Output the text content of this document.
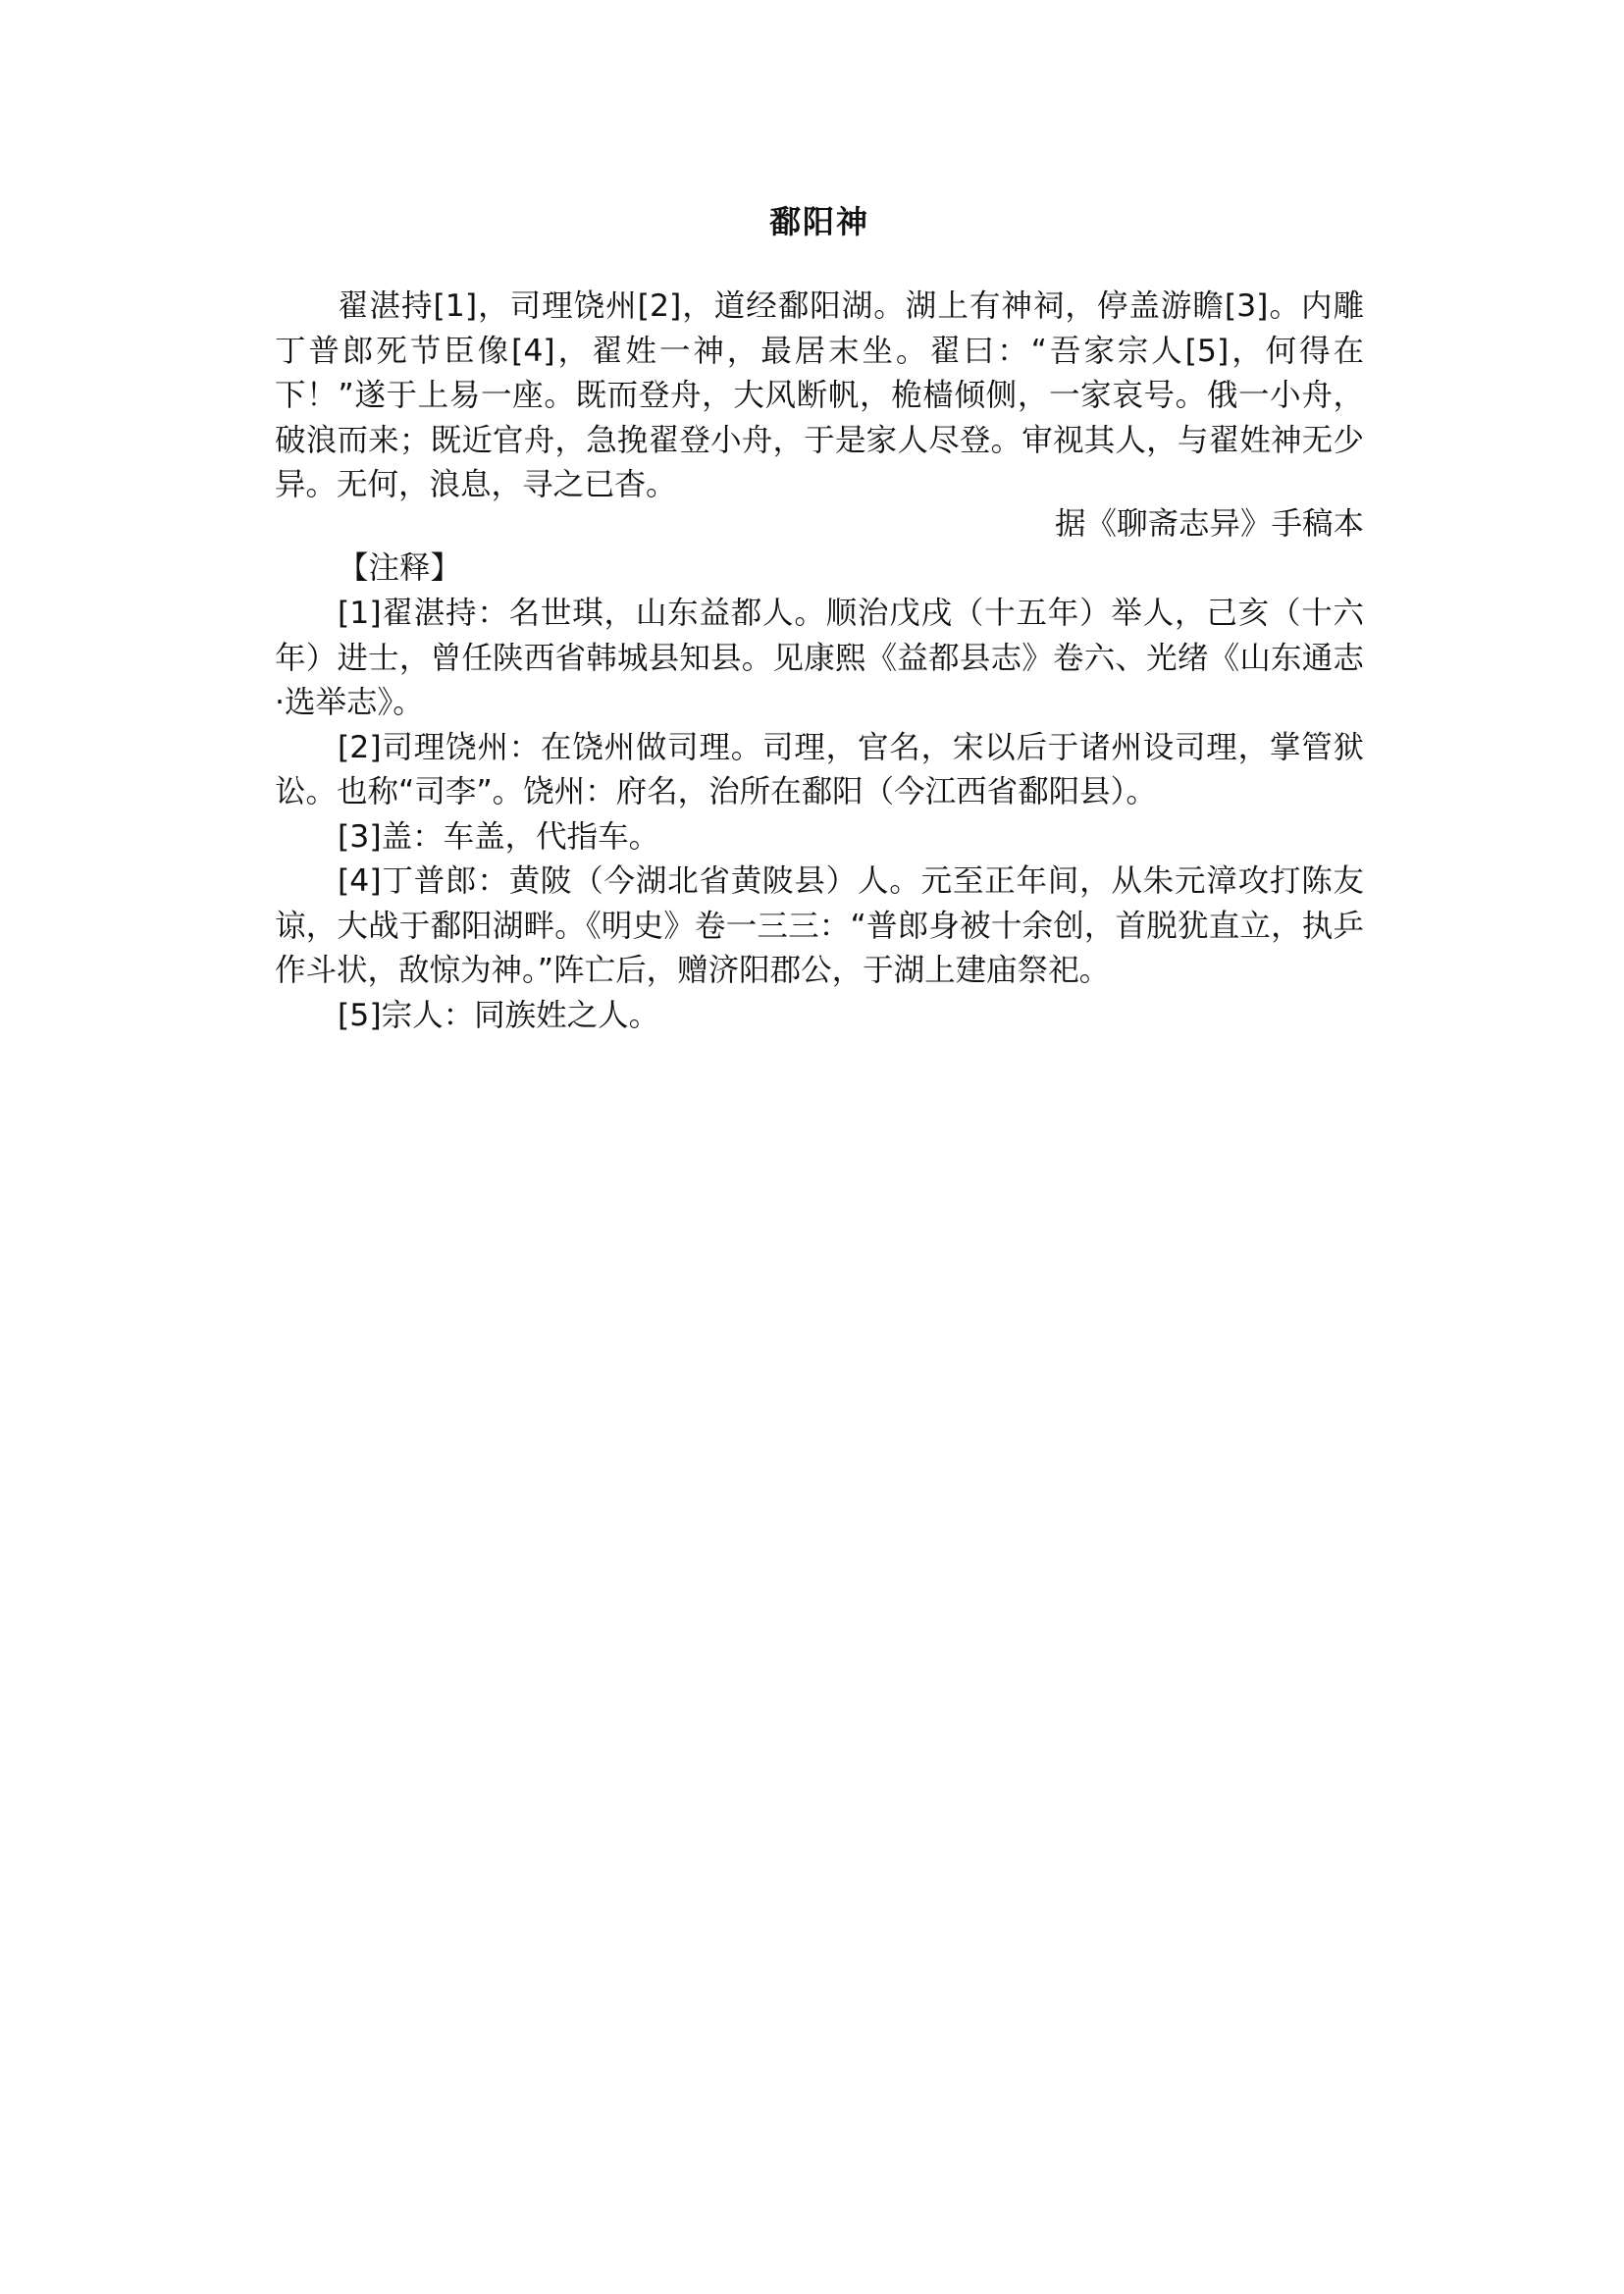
鄱阳神

翟湛持[1]，司理饶州[2]，道经鄱阳湖。湖上有神祠，停盖游瞻[3]。内雕丁普郎死节臣像[4]，翟姓一神，最居末坐。翟曰：“吾家宗人[5]，何得在下！”遂于上易一座。既而登舟，大风断帆，桅樯倾侧，一家哀号。俄一小舟，破浪而来；既近官舟，急挽翟登小舟，于是家人尽登。审视其人，与翟姓神无少异。无何，浪息，寻之已杳。

据《聊斋志异》手稿本

【注释】

[1]翟湛持：名世琪，山东益都人。顺治戊戌（十五年）举人，己亥（十六年）进士，曾任陕西省韩城县知县。见康熙《益都县志》卷六、光绪《山东通志·选举志》。
[2]司理饶州：在饶州做司理。司理，官名，宋以后于诸州设司理，掌管狱讼。也称“司李”。饶州：府名，治所在鄱阳（今江西省鄱阳县）。
[3]盖：车盖，代指车。
[4]丁普郎：黄陂（今湖北省黄陂县）人。元至正年间，从朱元漳攻打陈友谅，大战于鄱阳湖畔。《明史》卷一三三：“普郎身被十余创，首脱犹直立，执乒作斗状，敌惊为神。”阵亡后，赠济阳郡公，于湖上建庙祭祀。
[5]宗人：同族姓之人。
